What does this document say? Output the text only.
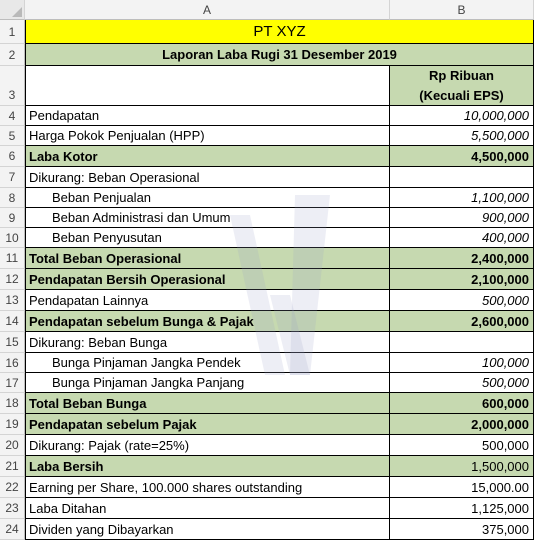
A	B
1	PT XYZ
2	Laporan Laba Rugi 31 Desember 2019
3
Rp Ribuan
(Kecuali EPS)
4	Pendapatan	10,000,000
5	Harga Pokok Penjualan (HPP)	5,500,000
6	Laba Kotor	4,500,000
7	Dikurang: Beban Operasional
8	Beban Penjualan	1,100,000
9	Beban Administrasi dan Umum	900,000
10	Beban Penyusutan	400,000
11 Total Beban Operasional	2,400,000
12 Pendapatan Bersih Operasional	2,100,000
13 Pendapatan Lainnya	500,000
14 Pendapatan sebelum Bunga & Pajak	2,600,000
15 Dikurang: Beban Bunga
16	Bunga Pinjaman Jangka Pendek	100,000
17	Bunga Pinjaman Jangka Panjang	500,000
18 Total Beban Bunga	600,000
19 Pendapatan sebelum Pajak	2,000,000
20 Dikurang: Pajak (rate=25%)	500,000
21 Laba Bersih	1,500,000
22 Earning per Share, 100.000 shares outstanding	15,000.00
23 Laba Ditahan	1,125,000
24 Dividen yang Dibayarkan	375,000
